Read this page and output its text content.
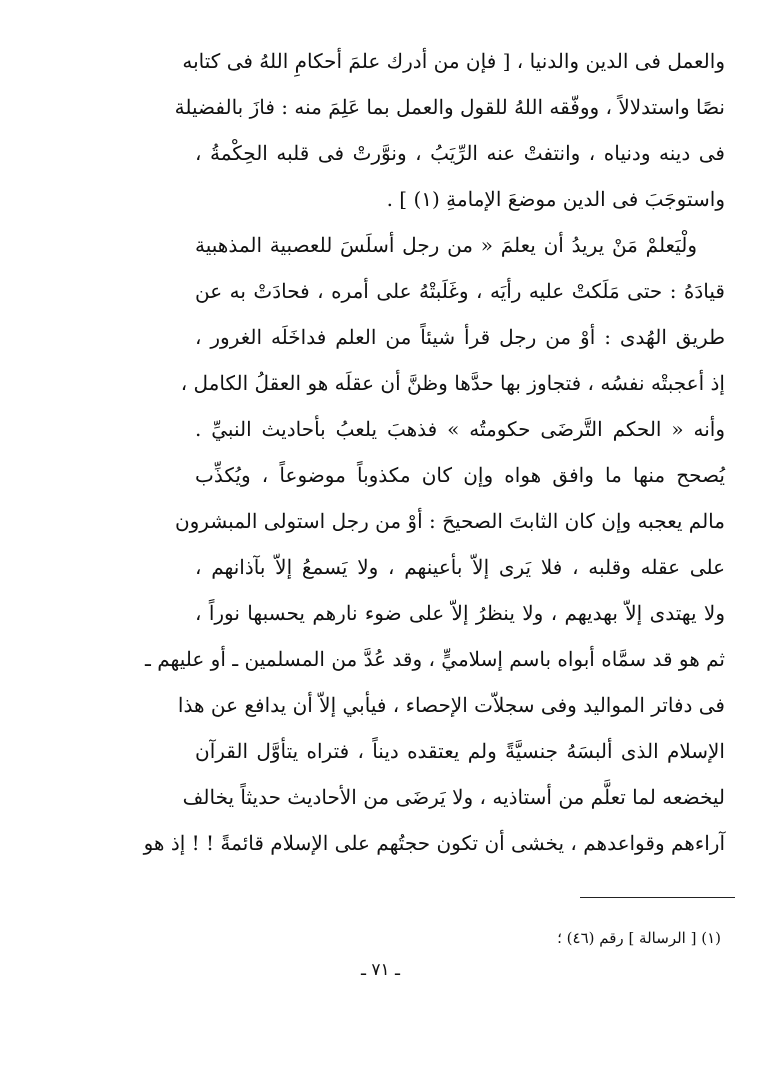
والعمل فى الدين والدنيا ، [ فإن من أدرك علمَ أحكامِ اللهُ فى كتابه
نصًا واستدلالاً ، ووفّقه اللهُ للقول والعمل بما عَلِمَ منه : فازَ بالفضيلة
فى دينه ودنياه ، وانتفتْ عنه الرِّيَبُ ، ونوَّرتْ فى قلبه الحِكْمةُ ،
واستوجَبَ فى الدين موضعَ الإمامةِ (١) ] .
ولْيَعلمْ مَنْ يريدُ أن يعلمَ « من رجل أسلَسَ للعصبية المذهبية
قيادَهُ : حتى مَلَكتْ عليه رأيَه ، وغَلَبتْهُ على أمره ، فحادَتْ به عن
طريق الهُدى : أوْ من رجل قرأ شيئاً من العلم فداخَلَه الغرور ،
إذ أعجبتْه نفسُه ، فتجاوز بها حدَّها وظنَّ أن عقلَه هو العقلُ الكامل ،
وأنه « الحكم التَّرضَى حكومتُه » فذهبَ يلعبُ بأحاديث النبيِّ .
يُصحح منها ما وافق هواه وإن كان مكذوباً موضوعاً ، ويُكذِّب
مالم يعجبه وإن كان الثابتَ الصحيحَ : أوْ من رجل استولى المبشرون
على عقله وقلبه ، فلا يَرى إلاّ بأعينهم ، ولا يَسمعُ إلاّ بآذانهم ،
ولا يهتدى إلاّ بهديهم ، ولا ينظرُ إلاّ على ضوء نارهم يحسبها نوراً ،
ثم هو قد سمَّاه أبواه باسم إسلاميٍّ ، وقد عُدَّ من المسلمين ـ أو عليهم ـ
فى دفاتر المواليد وفى سجلاّت الإحصاء ، فيأبي إلاّ أن يدافع عن هذا
الإسلام الذى ألبسَهُ جنسيَّةً ولم يعتقده ديناً ، فتراه يتأوَّل القرآن
ليخضعه لما تعلَّم من أستاذيه ، ولا يَرضَى من الأحاديث حديثاً يخالف
آراءهم وقواعدهم ، يخشى أن تكون حجتُهم على الإسلام قائمةً ! ! إذ هو
(١) [ الرسالة ] رقم (٤٦) ؛
ـ ٧١ ـ
